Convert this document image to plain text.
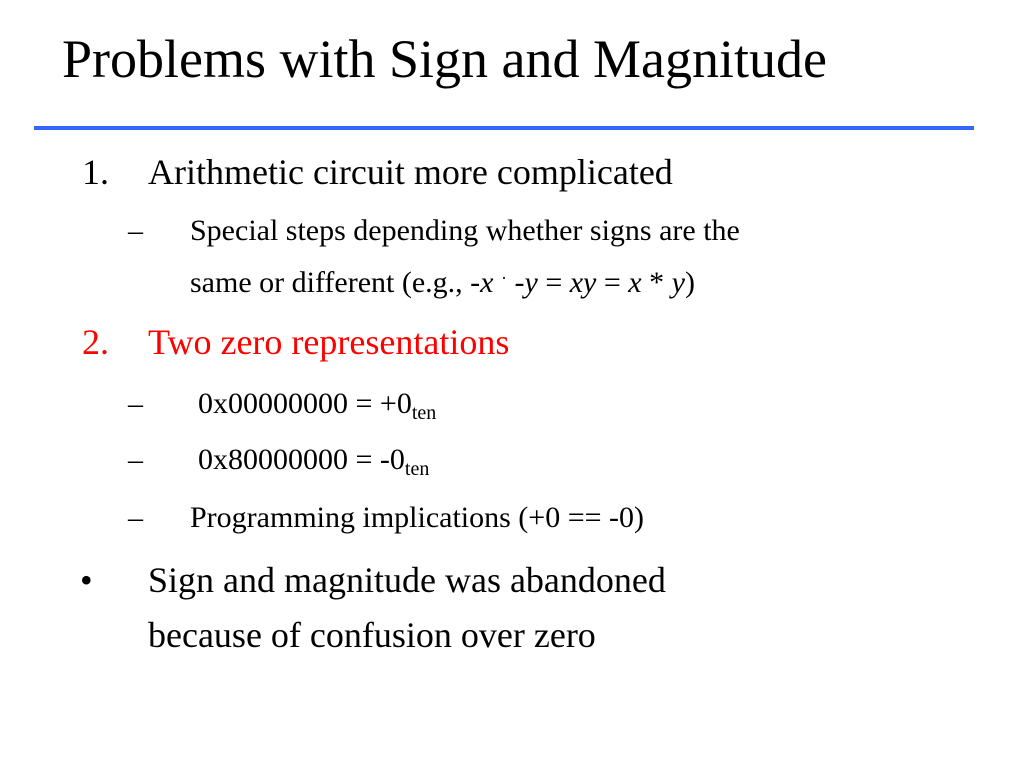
Problems with Sign and Magnitude
1. Arithmetic circuit more complicated
– Special steps depending whether signs are the
same or different (e.g., -x · -y = xy = x * y)
2. Two zero representations
– $0x00000000 = +0_{ten}$
– $0x80000000 = -0_{ten}$
– Programming implications (+0 == -0)
• Sign and magnitude was abandoned
because of confusion over zero
